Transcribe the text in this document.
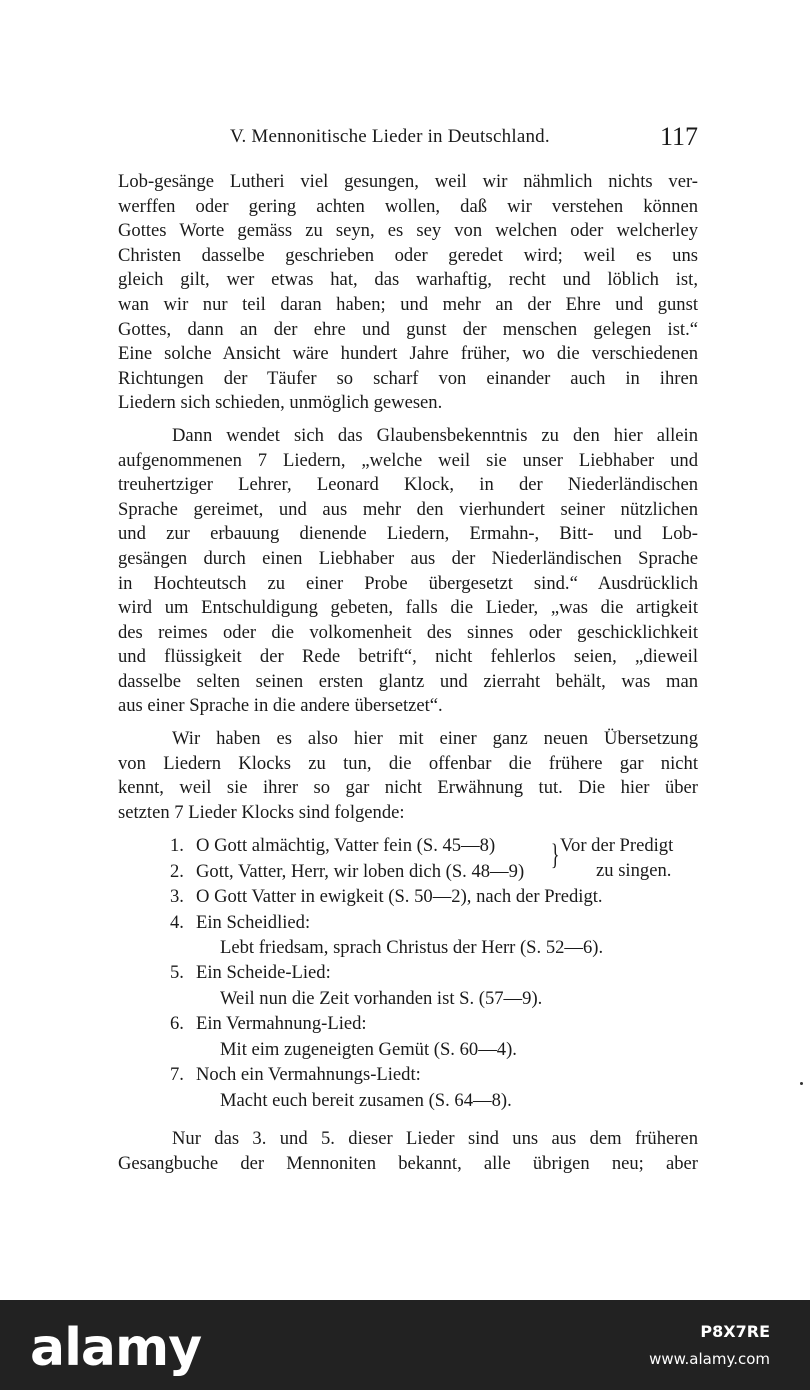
V. Mennonitische Lieder in Deutschland.	117

Lob-gesänge Lutheri viel gesungen, weil wir nähmlich nichts ver-
werffen oder gering achten wollen, daß wir verstehen können
Gottes Worte gemäss zu seyn, es sey von welchen oder welcherley
Christen dasselbe geschrieben oder geredet wird; weil es uns
gleich gilt, wer etwas hat, das warhaftig, recht und löblich ist,
wan wir nur teil daran haben; und mehr an der Ehre und gunst
Gottes, dann an der ehre und gunst der menschen gelegen ist.“
Eine solche Ansicht wäre hundert Jahre früher, wo die verschiedenen
Richtungen der Täufer so scharf von einander auch in ihren
Liedern sich schieden, unmöglich gewesen.

Dann wendet sich das Glaubensbekenntnis zu den hier allein
aufgenommenen 7 Liedern, „welche weil sie unser Liebhaber und
treuhertziger Lehrer, Leonard Klock, in der Niederländischen
Sprache gereimet, und aus mehr den vierhundert seiner nützlichen
und zur erbauung dienende Liedern, Ermahn-, Bitt- und Lob-
gesängen durch einen Liebhaber aus der Niederländischen Sprache
in Hochteutsch zu einer Probe übergesetzt sind.“ Ausdrücklich
wird um Entschuldigung gebeten, falls die Lieder, „was die artigkeit
des reimes oder die volkomenheit des sinnes oder geschicklichkeit
und flüssigkeit der Rede betrift“, nicht fehlerlos seien, „dieweil
dasselbe selten seinen ersten glantz und zierraht behält, was man
aus einer Sprache in die andere übersetzet“.

Wir haben es also hier mit einer ganz neuen Übersetzung
von Liedern Klocks zu tun, die offenbar die frühere gar nicht
kennt, weil sie ihrer so gar nicht Erwähnung tut. Die hier über
setzten 7 Lieder Klocks sind folgende:

1. O Gott almächtig, Vatter fein (S. 45—8) } Vor der Predigt
zu singen.
2. Gott, Vatter, Herr, wir loben dich (S. 48—9)
3. O Gott Vatter in ewigkeit (S. 50—2), nach der Predigt.
4. Ein Scheidlied:
Lebt friedsam, sprach Christus der Herr (S. 52—6).
5. Ein Scheide-Lied:
Weil nun die Zeit vorhanden ist S. (57—9).
6. Ein Vermahnung-Lied:
Mit eim zugeneigten Gemüt (S. 60—4).
7. Noch ein Vermahnungs-Liedt:
Macht euch bereit zusamen (S. 64—8).

Nur das 3. und 5. dieser Lieder sind uns aus dem früheren
Gesangbuche der Mennoniten bekannt, alle übrigen neu; aber

alamy	P8X7RE
www.alamy.com
